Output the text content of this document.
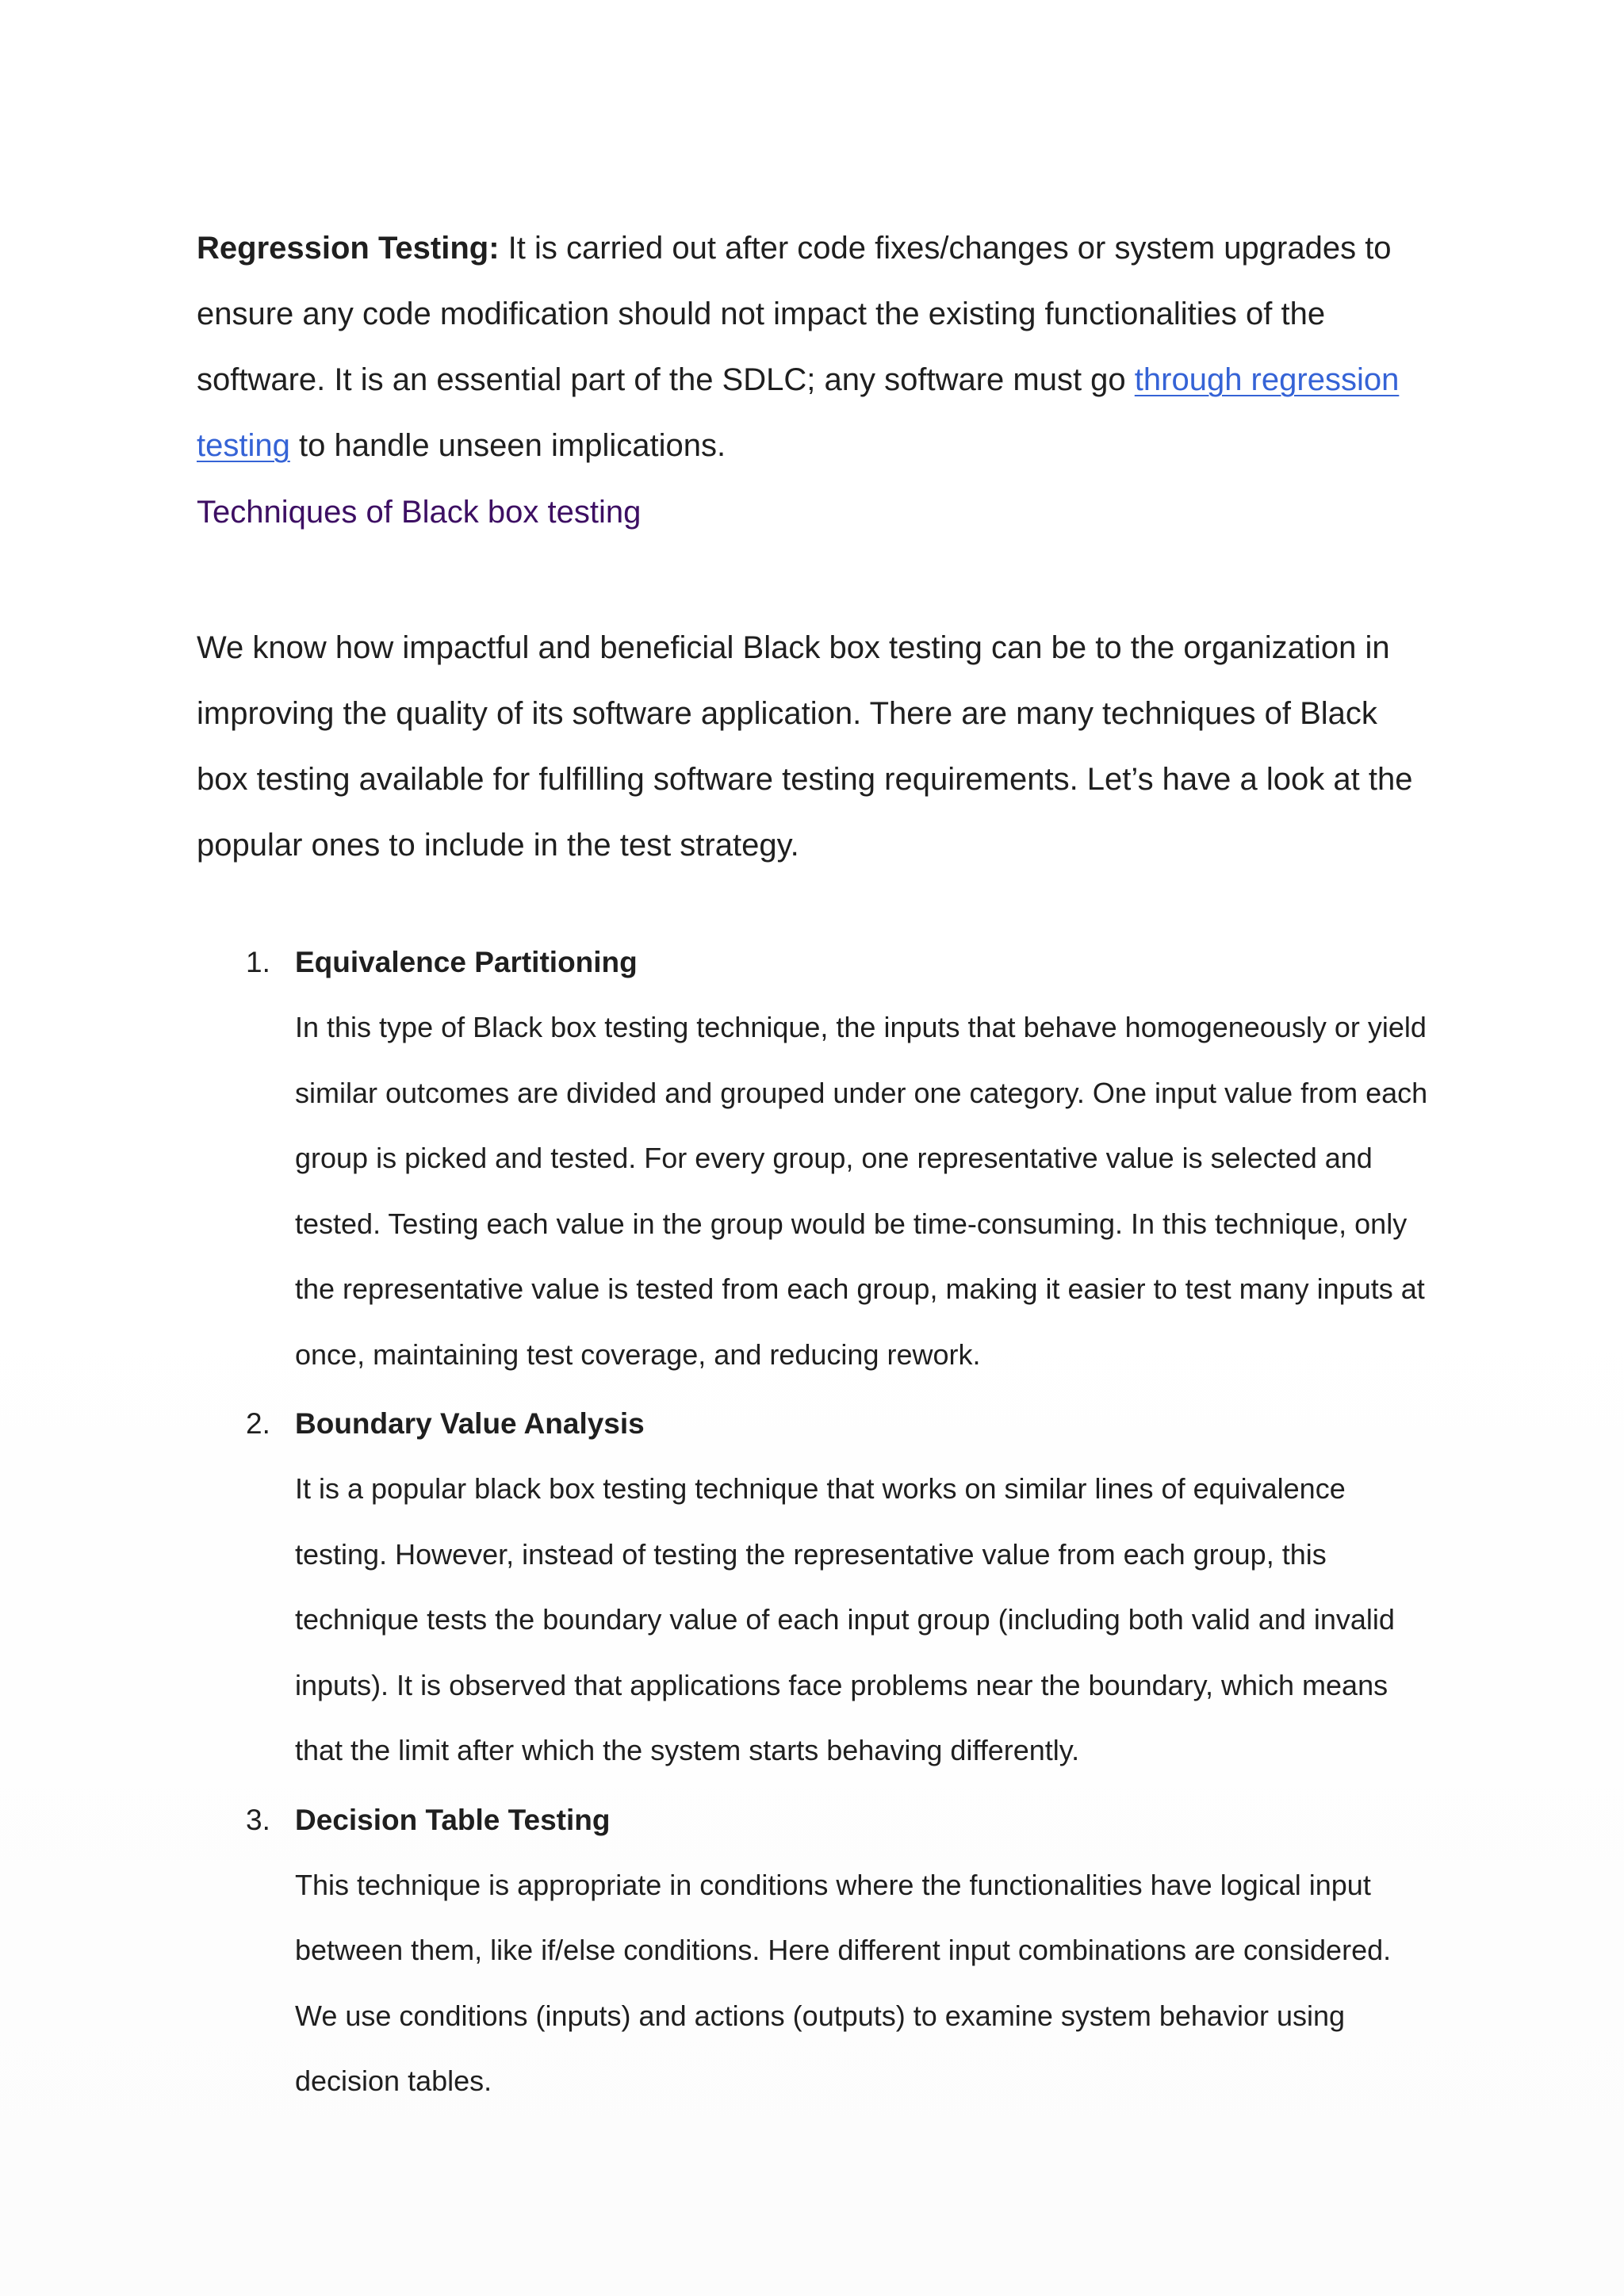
Regression Testing: It is carried out after code fixes/changes or system upgrades to ensure any code modification should not impact the existing functionalities of the software. It is an essential part of the SDLC; any software must go through regression testing to handle unseen implications.

Techniques of Black box testing

We know how impactful and beneficial Black box testing can be to the organization in improving the quality of its software application. There are many techniques of Black box testing available for fulfilling software testing requirements. Let’s have a look at the popular ones to include in the test strategy.

1. Equivalence Partitioning

In this type of Black box testing technique, the inputs that behave homogeneously or yield similar outcomes are divided and grouped under one category. One input value from each group is picked and tested. For every group, one representative value is selected and tested. Testing each value in the group would be time-consuming. In this technique, only the representative value is tested from each group, making it easier to test many inputs at once, maintaining test coverage, and reducing rework.

2. Boundary Value Analysis

It is a popular black box testing technique that works on similar lines of equivalence testing. However, instead of testing the representative value from each group, this technique tests the boundary value of each input group (including both valid and invalid inputs). It is observed that applications face problems near the boundary, which means that the limit after which the system starts behaving differently.

3. Decision Table Testing

This technique is appropriate in conditions where the functionalities have logical input between them, like if/else conditions. Here different input combinations are considered. We use conditions (inputs) and actions (outputs) to examine system behavior using decision tables.
